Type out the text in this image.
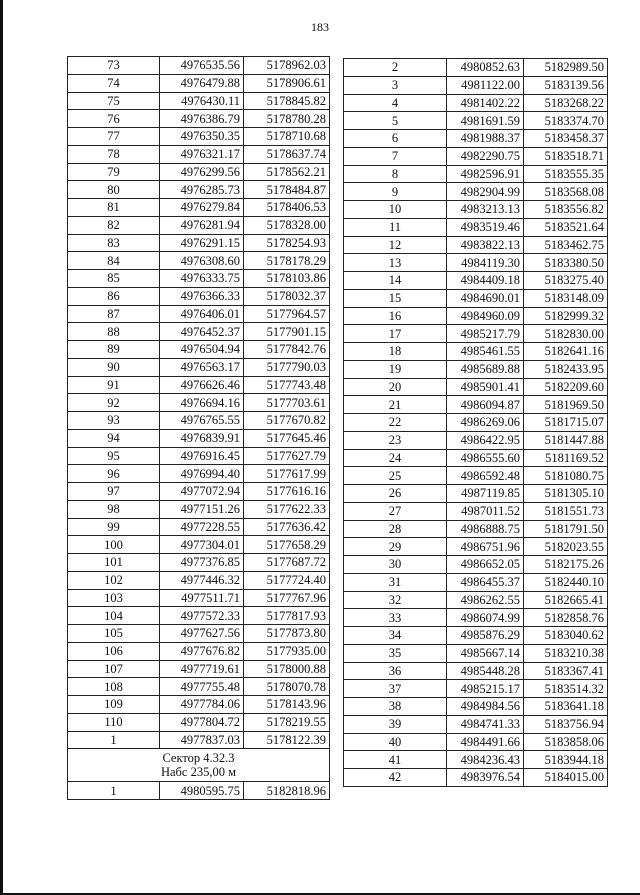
183
73	4976535.56	5178962.03
74	4976479.88	5178906.61
75	4976430.11	5178845.82
76	4976386.79	5178780.28
77	4976350.35	5178710.68
78	4976321.17	5178637.74
79	4976299.56	5178562.21
80	4976285.73	5178484.87
81	4976279.84	5178406.53
82	4976281.94	5178328.00
83	4976291.15	5178254.93
84	4976308.60	5178178.29
85	4976333.75	5178103.86
86	4976366.33	5178032.37
87	4976406.01	5177964.57
88	4976452.37	5177901.15
89	4976504.94	5177842.76
90	4976563.17	5177790.03
91	4976626.46	5177743.48
92	4976694.16	5177703.61
93	4976765.55	5177670.82
94	4976839.91	5177645.46
95	4976916.45	5177627.79
96	4976994.40	5177617.99
97	4977072.94	5177616.16
98	4977151.26	5177622.33
99	4977228.55	5177636.42
100	4977304.01	5177658.29
101	4977376.85	5177687.72
102	4977446.32	5177724.40
103	4977511.71	5177767.96
104	4977572.33	5177817.93
105	4977627.56	5177873.80
106	4977676.82	5177935.00
107	4977719.61	5178000.88
108	4977755.48	5178070.78
109	4977784.06	5178143.96
110	4977804.72	5178219.55
1	4977837.03	5178122.39

Сектор 4.32.3
Набс 235,00 м		

1	4980595.75	5182818.96
2	4980852.63	5182989.50
3	4981122.00	5183139.56
4	4981402.22	5183268.22
5	4981691.59	5183374.70
6	4981988.37	5183458.37
7	4982290.75	5183518.71
8	4982596.91	5183555.35
9	4982904.99	5183568.08
10	4983213.13	5183556.82
11	4983519.46	5183521.64
12	4983822.13	5183462.75
13	4984119.30	5183380.50
14	4984409.18	5183275.40
15	4984690.01	5183148.09
16	4984960.09	5182999.32
17	4985217.79	5182830.00
18	4985461.55	5182641.16
19	4985689.88	5182433.95
20	4985901.41	5182209.60
21	4986094.87	5181969.50
22	4986269.06	5181715.07
23	4986422.95	5181447.88
24	4986555.60	5181169.52
25	4986592.48	5181080.75
26	4987119.85	5181305.10
27	4987011.52	5181551.73
28	4986888.75	5181791.50
29	4986751.96	5182023.55
30	4986652.05	5182175.26
31	4986455.37	5182440.10
32	4986262.55	5182665.41
33	4986074.99	5182858.76
34	4985876.29	5183040.62
35	4985667.14	5183210.38
36	4985448.28	5183367.41
37	4985215.17	5183514.32
38	4984984.56	5183641.18
39	4984741.33	5183756.94
40	4984491.66	5183858.06
41	4984236.43	5183944.18
42	4983976.54	5184015.00
